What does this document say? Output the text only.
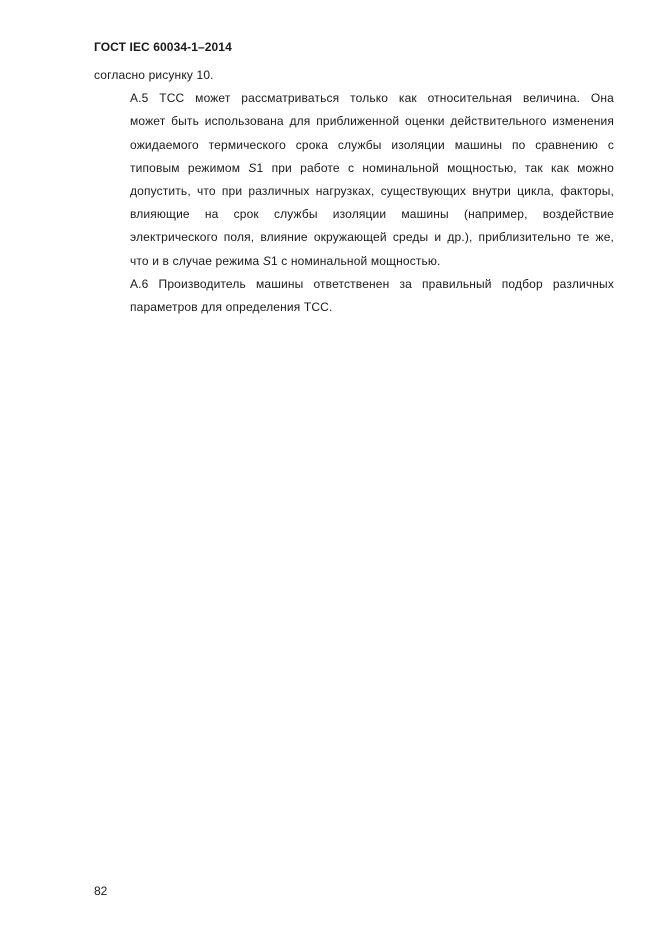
ГОСТ IEC 60034-1–2014

согласно рисунку 10.

А.5 ТСС может рассматриваться только как относительная величина. Она
может быть использована для приближенной оценки действительного изменения
ожидаемого термического срока службы изоляции машины по сравнению с
типовым режимом S1 при работе с номинальной мощностью, так как можно
допустить, что при различных нагрузках, существующих внутри цикла, факторы,
влияющие на срок службы изоляции машины (например, воздействие
электрического поля, влияние окружающей среды и др.), приблизительно те же,
что и в случае режима S1 с номинальной мощностью.

А.6 Производитель машины ответственен за правильный подбор различных
параметров для определения ТСС.

82
